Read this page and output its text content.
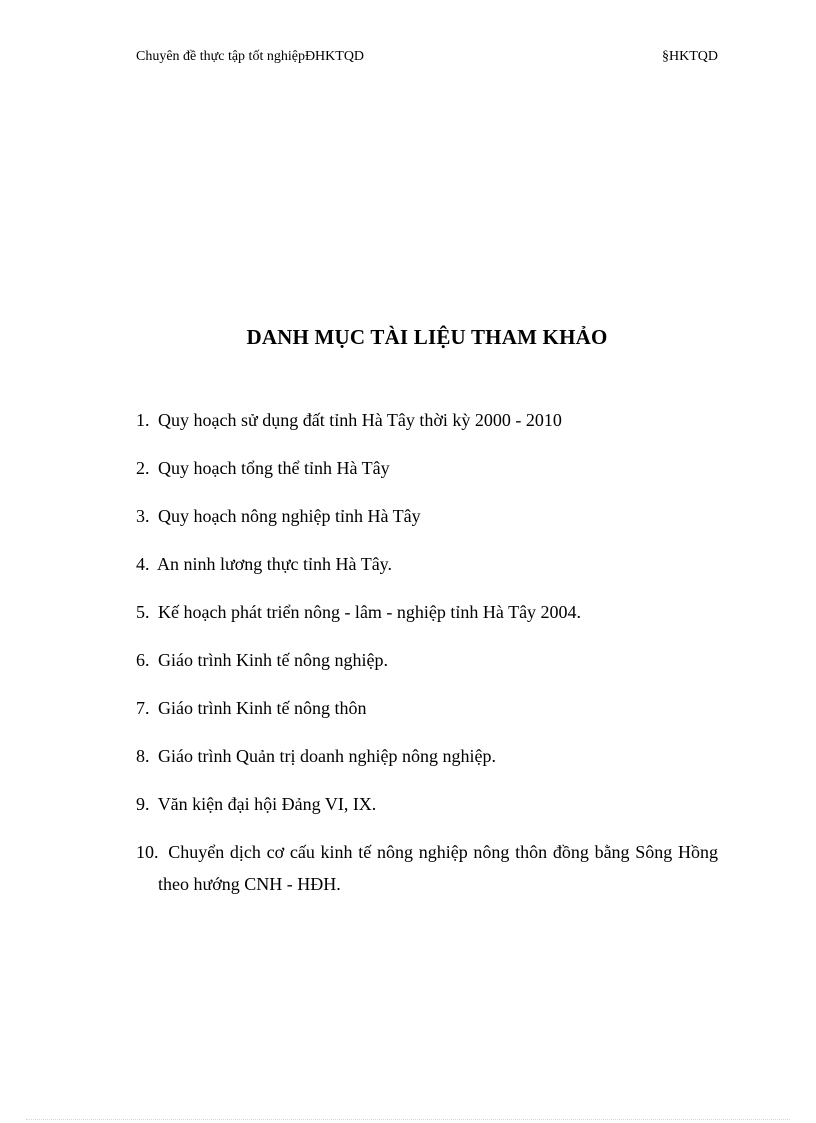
Chuyên đề thực tập tốt nghiệpĐHKTQD	§HKTQD
DANH MỤC TÀI LIỆU THAM KHẢO
1. Quy hoạch sử dụng đất tỉnh Hà Tây thời kỳ 2000 - 2010
2. Quy hoạch tổng thể tỉnh Hà Tây
3. Quy hoạch nông nghiệp tỉnh Hà Tây
4. An ninh lương thực tỉnh Hà Tây.
5. Kế hoạch phát triển nông - lâm - nghiệp tỉnh Hà Tây 2004.
6. Giáo trình Kinh tế nông nghiệp.
7. Giáo trình Kinh tế nông thôn
8. Giáo trình Quản trị doanh nghiệp nông nghiệp.
9. Văn kiện đại hội Đảng VI, IX.
10. Chuyển dịch cơ cấu kinh tế nông nghiệp nông thôn đồng bằng Sông Hồng theo hướng CNH - HĐH.
